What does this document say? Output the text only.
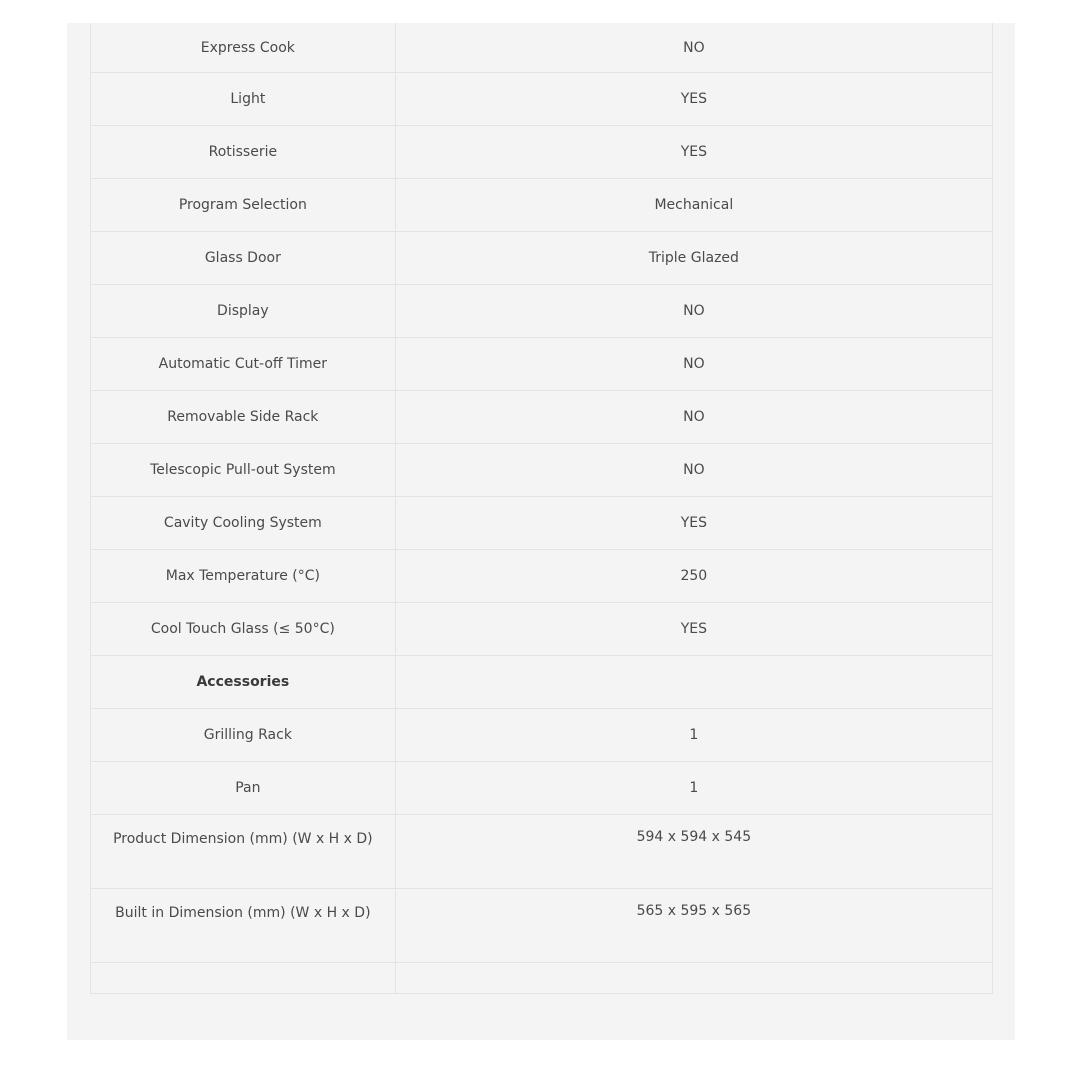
Express Cook	NO
Light	YES
Rotisserie	YES
Program Selection	Mechanical
Glass Door	Triple Glazed
Display	NO
Automatic Cut-off Timer	NO
Removable Side Rack	NO
Telescopic Pull-out System	NO
Cavity Cooling System	YES
Max Temperature (°C)	250
Cool Touch Glass (≤ 50°C)	YES
Accessories	
Grilling Rack	1
Pan	1
Product Dimension (mm) (W x H x D)	594 x 594 x 545
Built in Dimension (mm) (W x H x D)	565 x 595 x 565
